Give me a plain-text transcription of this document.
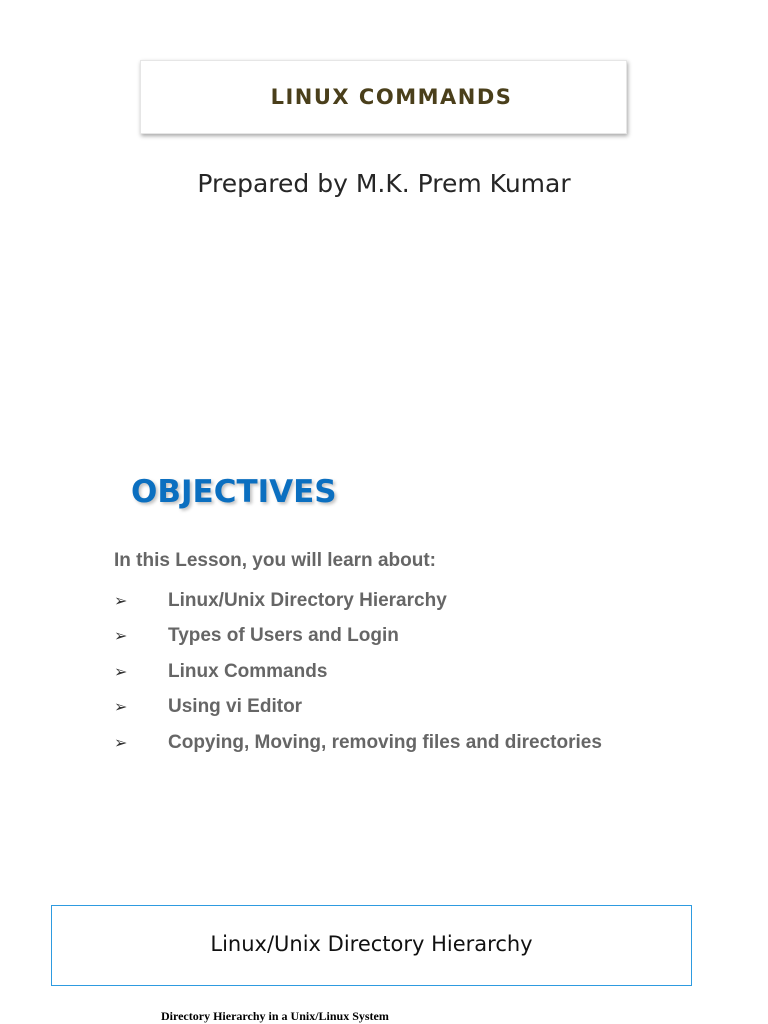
LINUX COMMANDS
Prepared by M.K. Prem Kumar
OBJECTIVES
In this Lesson, you will learn about:
➢	Linux/Unix Directory Hierarchy
➢	Types of Users and Login
➢	Linux Commands
➢	Using vi Editor
➢	Copying, Moving, removing files and directories
Linux/Unix Directory Hierarchy
Directory Hierarchy in a Unix/Linux System
